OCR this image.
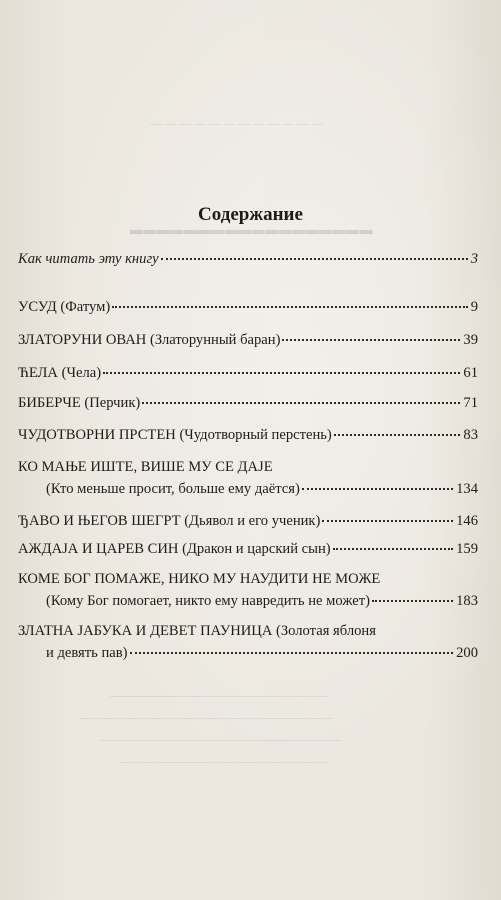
— — — — — — — — — — — —
▬▬▬▬▬▬▬▬▬▬▬▬▬▬▬▬▬▬
———————————————————
——————————————————————
—————————————————————
——————————————————
Содержание
Как читать эту книгу	3
УСУД (Фатум)	9
ЗЛАТОРУНИ ОВАН (Златорунный баран)	39
ЋЕЛА (Чела)	61
БИБЕРЧЕ (Перчик)	71
ЧУДОТВОРНИ ПРСТЕН (Чудотворный перстень)	83
КО МАЊЕ ИШТЕ, ВИШЕ МУ СЕ ДАЈЕ
(Кто меньше просит, больше ему даётся)	134
ЂАВО И ЊЕГОВ ШЕГРТ (Дьявол и его ученик)	146
АЖДАЈА И ЦАРЕВ СИН (Дракон и царский сын)	159
КОМЕ БОГ ПОМАЖЕ, НИКО МУ НАУДИТИ НЕ МОЖЕ
(Кому Бог помогает, никто ему навредить не может)	183
ЗЛАТНА ЈАБУКА И ДЕВЕТ ПАУНИЦА (Золотая яблоня
и девять пав)	200
